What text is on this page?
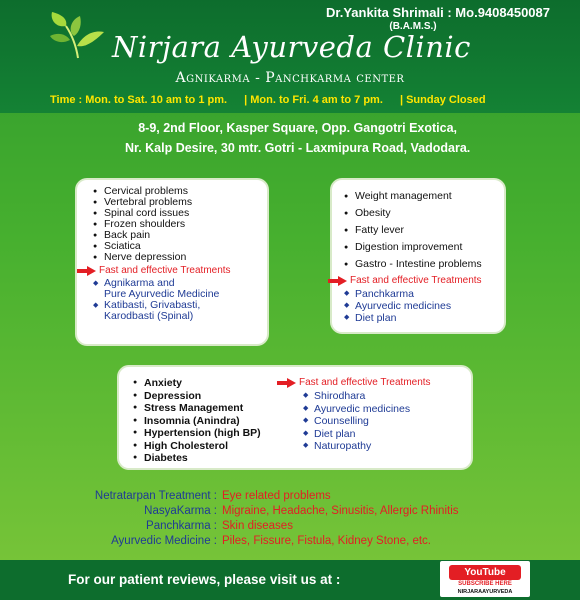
Dr.Yankita Shrimali : Mo.9408450087
(B.A.M.S.)
Nirjara Ayurveda Clinic
Agnikarma - Panchkarma center
Time : Mon. to Sat. 10 am to 1 pm. | Mon. to Fri. 4 am to 7 pm. | Sunday Closed
8-9, 2nd Floor, Kasper Square, Opp. Gangotri Exotica,
Nr. Kalp Desire, 30 mtr. Gotri - Laxmipura Road, Vadodara.
● Cervical problems
● Vertebral problems
● Spinal cord issues
● Frozen shoulders
● Back pain
● Sciatica
● Nerve depression
Fast and effective Treatments
◆ Agnikarma and
Pure Ayurvedic Medicine
◆ Katibasti, Grivabasti,
Karodbasti (Spinal)
● Weight management
● Obesity
● Fatty lever
● Digestion improvement
● Gastro - Intestine problems
Fast and effective Treatments
◆ Panchkarma
◆ Ayurvedic medicines
◆ Diet plan
● Anxiety
● Depression
● Stress Management
● Insomnia (Anindra)
● Hypertension (high BP)
● High Cholesterol
● Diabetes
Fast and effective Treatments
◆ Shirodhara
◆ Ayurvedic medicines
◆ Counselling
◆ Diet plan
◆ Naturopathy
Netratarpan Treatment : Eye related problems
NasyaKarma : Migraine, Headache, Sinusitis, Allergic Rhinitis
Panchkarma : Skin diseases
Ayurvedic Medicine : Piles, Fissure, Fistula, Kidney Stone, etc.
For our patient reviews, please visit us at :	YouTube
SUBSCRIBE HERE
NIRJARAAYURVEDA
